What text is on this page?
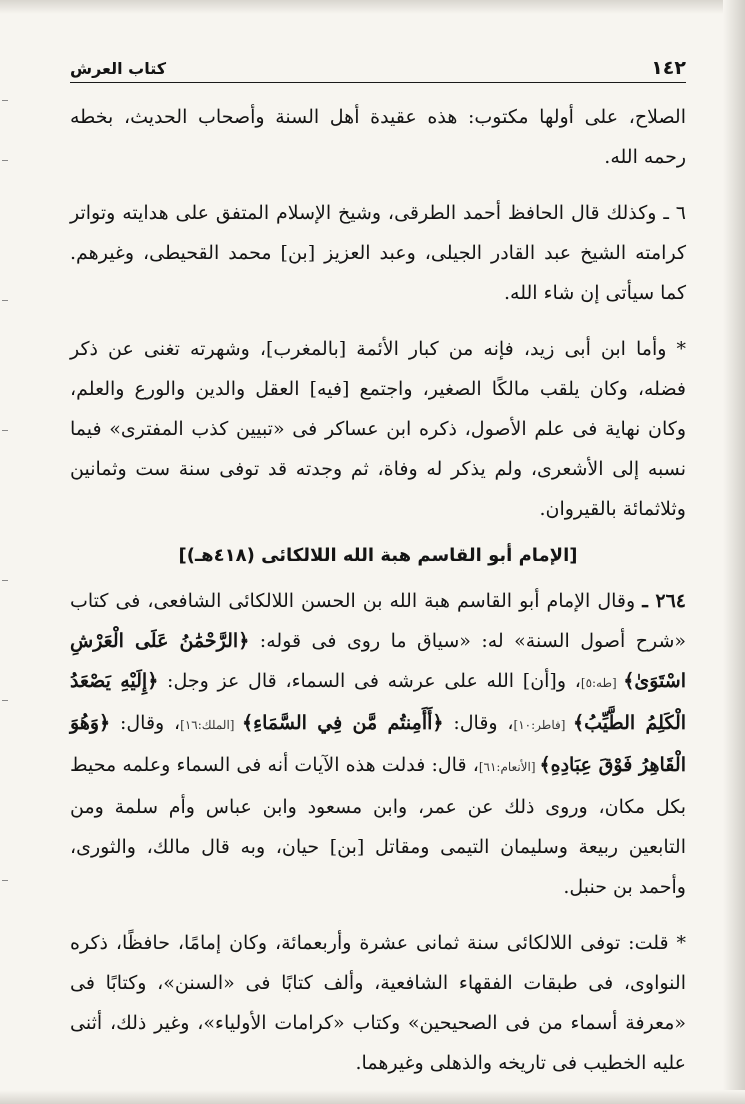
١٤٢
كتاب العرش

الصلاح، على أولها مكتوب: هذه عقيدة أهل السنة وأصحاب الحديث، بخطه رحمه الله.

٦ ـ وكذلك قال الحافظ أحمد الطرقى، وشيخ الإسلام المتفق على هدايته وتواتر كرامته الشيخ عبد القادر الجيلى، وعبد العزيز [بن] محمد القحيطى، وغيرهم. كما سيأتى إن شاء الله.

* وأما ابن أبى زيد، فإنه من كبار الأئمة [بالمغرب]، وشهرته تغنى عن ذكر فضله، وكان يلقب مالكًا الصغير، واجتمع [فيه] العقل والدين والورع والعلم، وكان نهاية فى علم الأصول، ذكره ابن عساكر فى «تبيين كذب المفترى» فيما نسبه إلى الأشعرى، ولم يذكر له وفاة، ثم وجدته قد توفى سنة ست وثمانين وثلاثمائة بالقيروان.

[الإمام أبو القاسم هبة الله اللالكائى (٤١٨هـ)]

٢٦٤ ـ وقال الإمام أبو القاسم هبة الله بن الحسن اللالكائى الشافعى، فى كتاب «شرح أصول السنة» له: «سياق ما روى فى قوله: ﴿الرَّحْمَٰنُ عَلَى الْعَرْشِ اسْتَوَىٰ﴾ [طه:٥]، و[أن] الله على عرشه فى السماء، قال عز وجل: ﴿إِلَيْهِ يَصْعَدُ الْكَلِمُ الطَّيِّبُ﴾ [فاطر:١٠]، وقال: ﴿أَأَمِنتُم مَّن فِي السَّمَاءِ﴾ [الملك:١٦]، وقال: ﴿وَهُوَ الْقَاهِرُ فَوْقَ عِبَادِهِ﴾ [الأنعام:٦١]، قال: فدلت هذه الآيات أنه فى السماء وعلمه محيط بكل مكان، وروى ذلك عن عمر، وابن مسعود وابن عباس وأم سلمة ومن التابعين ربيعة وسليمان التيمى ومقاتل [بن] حيان، وبه قال مالك، والثورى، وأحمد بن حنبل.

* قلت: توفى اللالكائى سنة ثمانى عشرة وأربعمائة، وكان إمامًا، حافظًا، ذكره النواوى، فى طبقات الفقهاء الشافعية، وألف كتابًا فى «السنن»، وكتابًا فى «معرفة أسماء من فى الصحيحين» وكتاب «كرامات الأولياء»، وغير ذلك، أثنى عليه الخطيب فى تاريخه والذهلى وغيرهما.
